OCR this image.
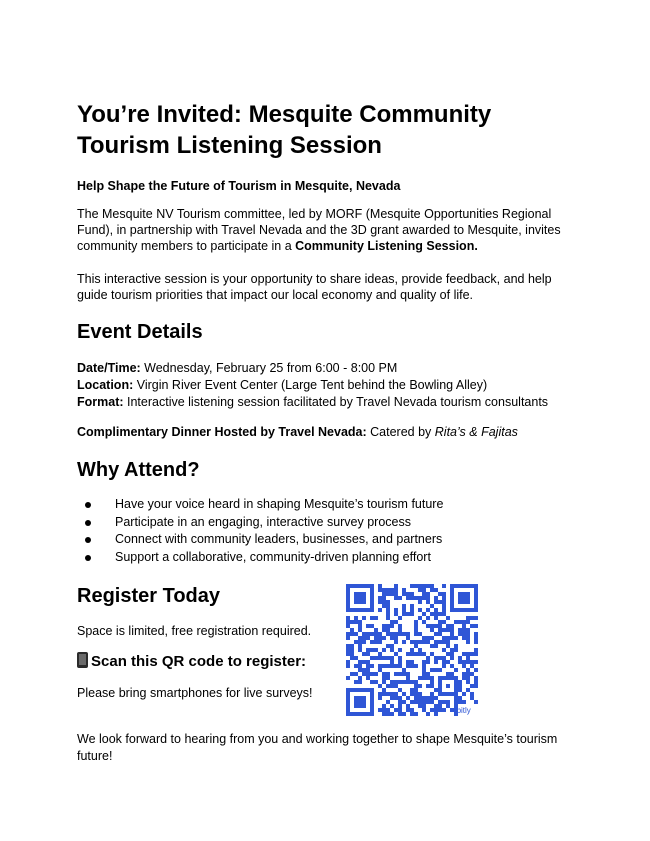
You’re Invited: Mesquite Community Tourism Listening Session
Help Shape the Future of Tourism in Mesquite, Nevada

The Mesquite NV Tourism committee, led by MORF (Mesquite Opportunities Regional Fund), in partnership with Travel Nevada and the 3D grant awarded to Mesquite, invites community members to participate in a Community Listening Session.

This interactive session is your opportunity to share ideas, provide feedback, and help guide tourism priorities that impact our local economy and quality of life.

Event Details
Date/Time: Wednesday, February 25 from 6:00 - 8:00 PM
Location: Virgin River Event Center (Large Tent behind the Bowling Alley)
Format: Interactive listening session facilitated by Travel Nevada tourism consultants
Complimentary Dinner Hosted by Travel Nevada: Catered by Rita’s & Fajitas
Why Attend?
Have your voice heard in shaping Mesquite’s tourism future
Participate in an engaging, interactive survey process
Connect with community leaders, businesses, and partners
Support a collaborative, community-driven planning effort
Register Today

Space is limited, free registration required.

Scan this QR code to register:

Please bring smartphones for live surveys!

We look forward to hearing from you and working together to shape Mesquite’s tourism future!

bitly
